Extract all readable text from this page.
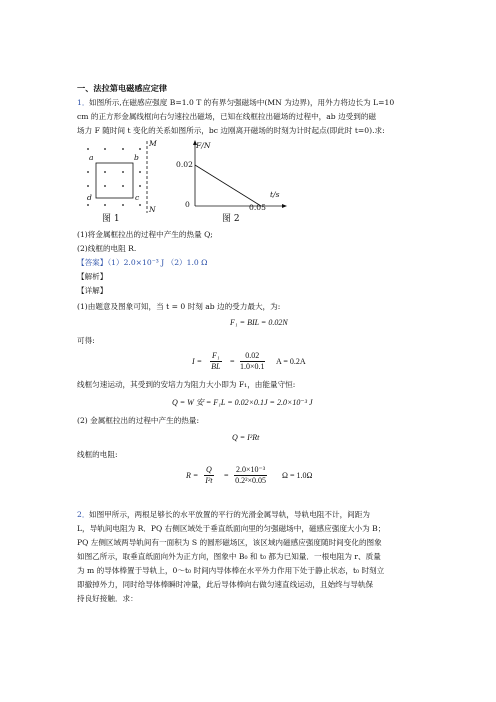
一、法拉第电磁感应定律
1． 如图所示,在磁感应强度 B=1.0 T 的有界匀强磁场中(MN 为边界)，用外力将边长为 L=10
cm 的正方形金属线框向右匀速拉出磁场，已知在线框拉出磁场的过程中，ab 边受到的磁
场力 F 随时间 t 变化的关系如图所示，bc 边刚离开磁场的时刻为计时起点(即此时 t=0).求:
M
N
a	b
c
d
图 1
F/N
0.02
0	0.05
t/s
图 2
(1)将金属框拉出的过程中产生的热量 Q;
(2)线框的电阻 R.
【答案】（1）2.0×10⁻³ J （2）1.0 Ω
【解析】
【详解】
(1)由题意及图象可知，当 t = 0 时刻 ab 边的受力最大，为:
F₁ = BIL = 0.02N
可得:
$I = \frac{\text{F₁}}{BL} = \frac{0.02}{1.0\times 0.1}$ A = 0.2A
线框匀速运动，其受到的安培力为阻力大小即为 F₁，由能量守恒:
Q = W 安 = F₁L = 0.02×0.1J = 2.0×10⁻³ J
(2) 金属框拉出的过程中产生的热量:
Q = I²Rt
线框的电阻:
$R = \frac{Q}{\text{I²t}} = \frac{\text{2.0×10⁻³}}{\text{0.2²×0.05}}$ Ω = 1.0Ω
2． 如图甲所示，两根足够长的水平放置的平行的光滑金属导轨，导轨电阻不计，间距为
L，导轨间电阻为 R．PQ 右侧区域处于垂直纸面向里的匀强磁场中，磁感应强度大小为 B；
PQ 左侧区域两导轨间有一面积为 S 的圆形磁场区，该区域内磁感应强度随时间变化的图象
如图乙所示，取垂直纸面向外为正方向，图象中 B₀ 和 t₀ 都为已知量．一根电阻为 r、质量
为 m 的导体棒置于导轨上，0～t₀ 时间内导体棒在水平外力作用下处于静止状态，t₀ 时刻立
即撤掉外力，同时给导体棒瞬时冲量，此后导体棒向右做匀速直线运动，且始终与导轨保
持良好接触．求：
